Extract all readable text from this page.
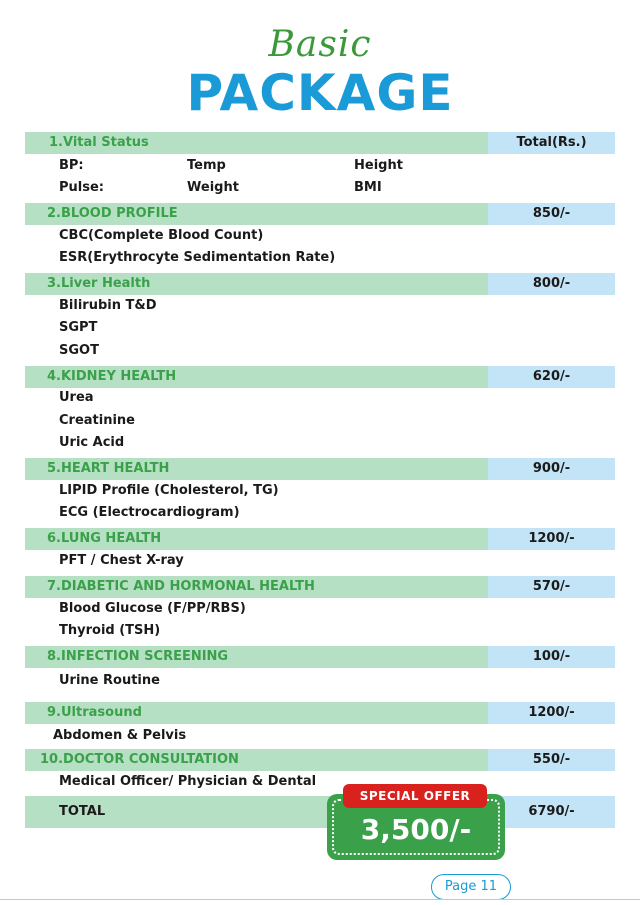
Basic
PACKAGE
1.Vital Status	Total(Rs.)
BP:	Temp	Height
Pulse:	Weight	BMI
2.BLOOD PROFILE	850/-
CBC(Complete Blood Count)
ESR(Erythrocyte Sedimentation Rate)
3.Liver Health	800/-
Bilirubin T&D
SGPT
SGOT
4.KIDNEY HEALTH	620/-
Urea
Creatinine
Uric Acid
5.HEART HEALTH	900/-
LIPID Profile (Cholesterol, TG)
ECG (Electrocardiogram)
6.LUNG HEALTH	1200/-
PFT / Chest X-ray
7.DIABETIC AND HORMONAL HEALTH	570/-
Blood Glucose (F/PP/RBS)
Thyroid (TSH)
8.INFECTION SCREENING	100/-
Urine Routine
9.Ultrasound	1200/-
Abdomen & Pelvis
10.DOCTOR CONSULTATION	550/-
Medical Officer/ Physician & Dental
TOTAL	6790/-
SPECIAL OFFER
3,500/-
Page 11
